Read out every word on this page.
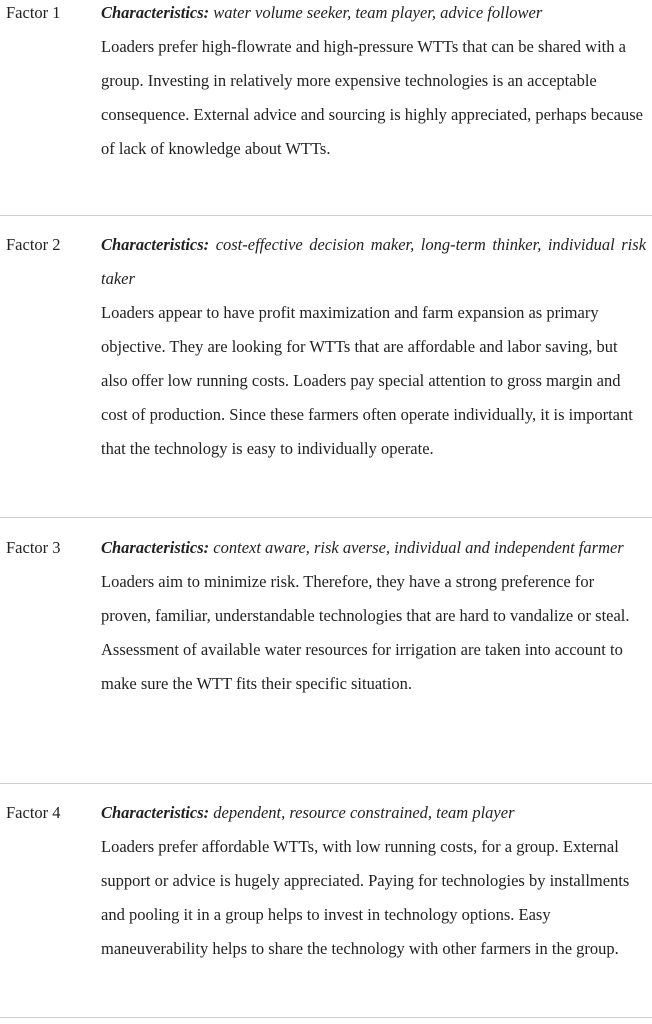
Factor 1 Characteristics: water volume seeker, team player, advice follower
Loaders prefer high-flowrate and high-pressure WTTs that can be shared with a group. Investing in relatively more expensive technologies is an acceptable consequence. External advice and sourcing is highly appreciated, perhaps because of lack of knowledge about WTTs.
Factor 2 Characteristics: cost-effective decision maker, long-term thinker, individual risk taker
Loaders appear to have profit maximization and farm expansion as primary objective. They are looking for WTTs that are affordable and labor saving, but also offer low running costs. Loaders pay special attention to gross margin and cost of production. Since these farmers often operate individually, it is important that the technology is easy to individually operate.
Factor 3 Characteristics: context aware, risk averse, individual and independent farmer
Loaders aim to minimize risk. Therefore, they have a strong preference for proven, familiar, understandable technologies that are hard to vandalize or steal. Assessment of available water resources for irrigation are taken into account to make sure the WTT fits their specific situation.
Factor 4 Characteristics: dependent, resource constrained, team player
Loaders prefer affordable WTTs, with low running costs, for a group. External support or advice is hugely appreciated. Paying for technologies by installments and pooling it in a group helps to invest in technology options. Easy maneuverability helps to share the technology with other farmers in the group.
